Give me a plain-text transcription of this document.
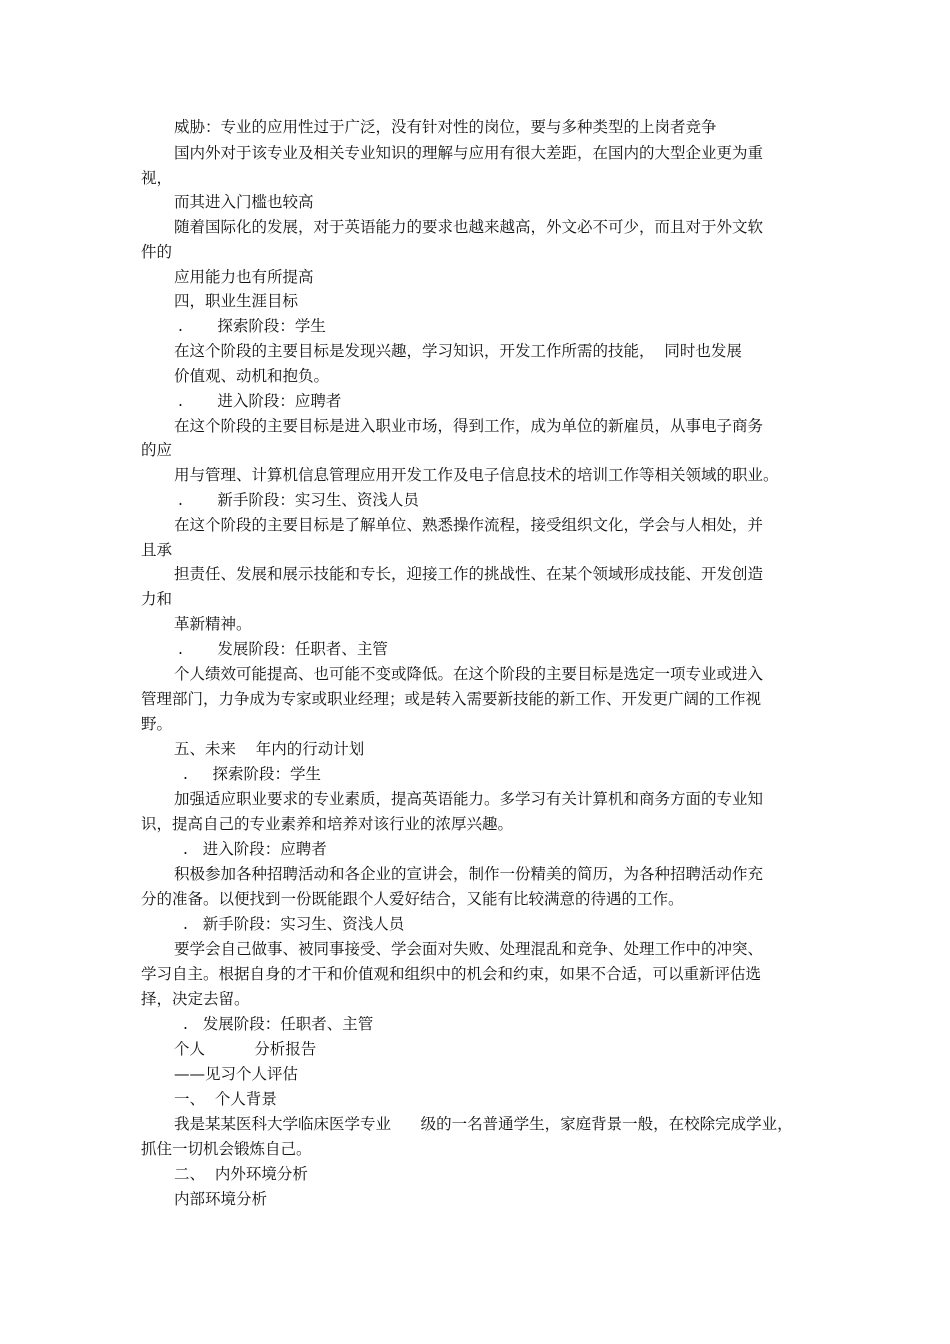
威胁：专业的应用性过于广泛，没有针对性的岗位，要与多种类型的上岗者竞争
国内外对于该专业及相关专业知识的理解与应用有很大差距，在国内的大型企业更为重
视，
而其进入门槛也较高
随着国际化的发展，对于英语能力的要求也越来越高，外文必不可少，而且对于外文软
件的
应用能力也有所提高
四，职业生涯目标
.       探索阶段：学生
在这个阶段的主要目标是发现兴趣，学习知识，开发工作所需的技能，  同时也发展
价值观、动机和抱负。
.       进入阶段：应聘者
在这个阶段的主要目标是进入职业市场，得到工作，成为单位的新雇员，从事电子商务
的应
用与管理、计算机信息管理应用开发工作及电子信息技术的培训工作等相关领域的职业。
.       新手阶段：实习生、资浅人员
在这个阶段的主要目标是了解单位、熟悉操作流程，接受组织文化，学会与人相处，并
且承
担责任、发展和展示技能和专长，迎接工作的挑战性、在某个领域形成技能、开发创造
力和
革新精神。
.       发展阶段：任职者、主管
个人绩效可能提高、也可能不变或降低。在这个阶段的主要目标是选定一项专业或进入
管理部门，力争成为专家或职业经理；或是转入需要新技能的新工作、开发更广阔的工作视
野。
五、未来    年内的行动计划
.     探索阶段：学生
加强适应职业要求的专业素质，提高英语能力。多学习有关计算机和商务方面的专业知
识，提高自己的专业素养和培养对该行业的浓厚兴趣。
.   进入阶段：应聘者
积极参加各种招聘活动和各企业的宣讲会，制作一份精美的简历，为各种招聘活动作充
分的准备。以便找到一份既能跟个人爱好结合，又能有比较满意的待遇的工作。
.   新手阶段：实习生、资浅人员
要学会自己做事、被同事接受、学会面对失败、处理混乱和竞争、处理工作中的冲突、
学习自主。根据自身的才干和价值观和组织中的机会和约束，如果不合适，可以重新评估选
择，决定去留。
.   发展阶段：任职者、主管
个人          分析报告
——见习个人评估
一、  个人背景
我是某某医科大学临床医学专业      级的一名普通学生，家庭背景一般，在校除完成学业，
抓住一切机会锻炼自己。
二、  内外环境分析
内部环境分析
